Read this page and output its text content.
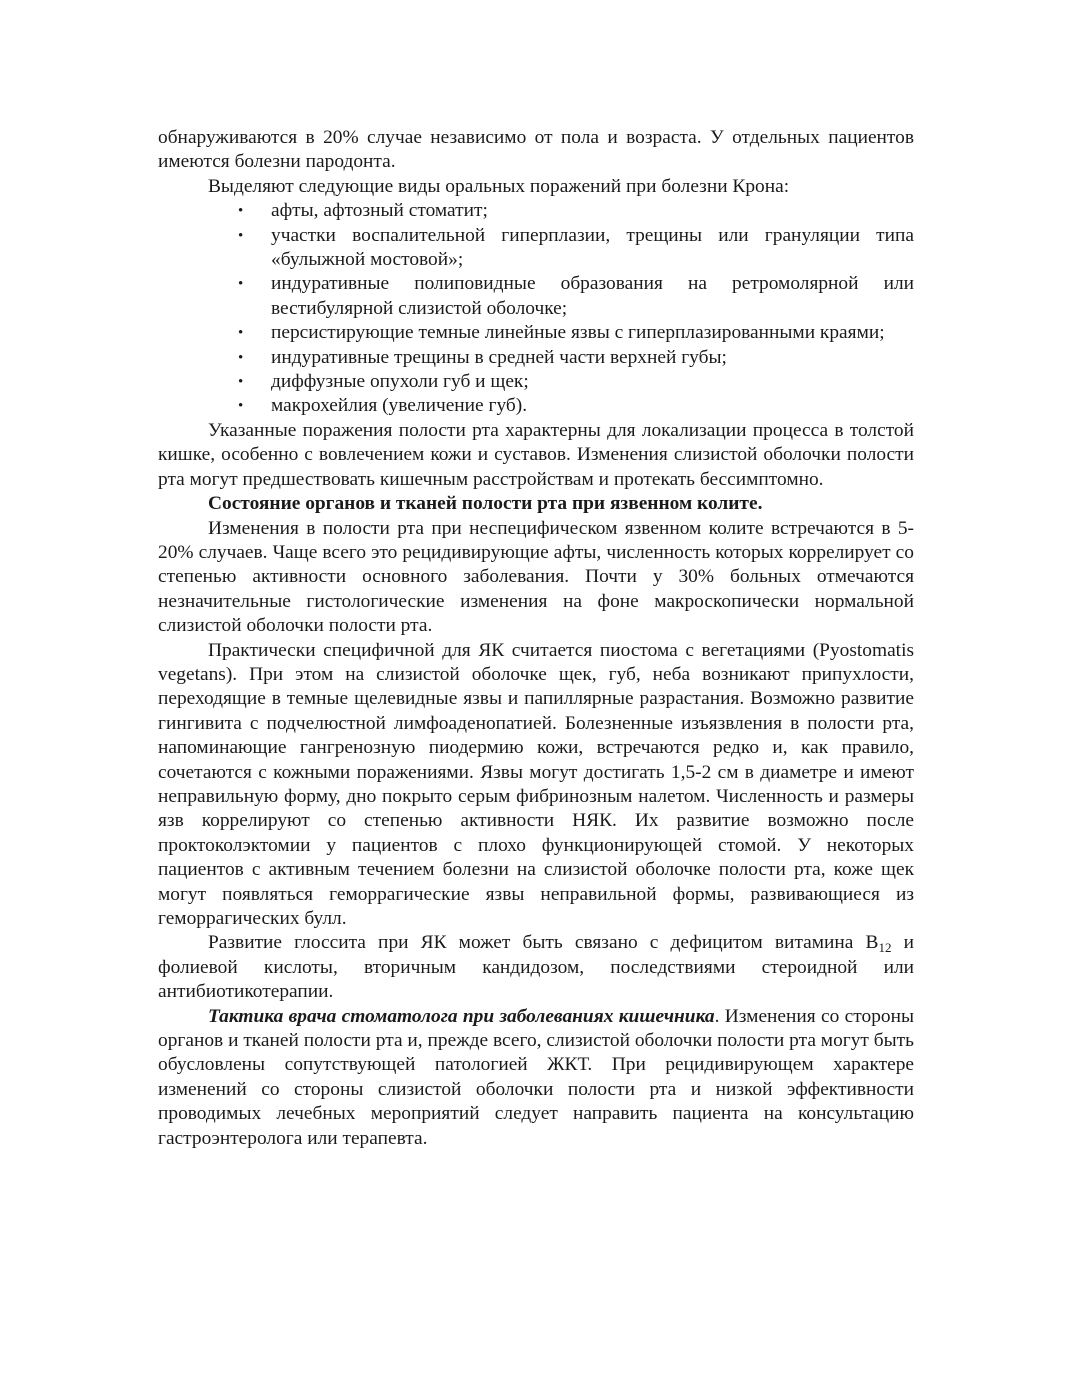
обнаруживаются в 20% случае независимо от пола и возраста. У отдельных пациентов имеются болезни пародонта.

Выделяют следующие виды оральных поражений при болезни Крона:

• афты, афтозный стоматит;
• участки воспалительной гиперплазии, трещины или грануляции типа «булыжной мостовой»;
• индуративные полиповидные образования на ретромолярной или вестибулярной слизистой оболочке;
• персистирующие темные линейные язвы с гиперплазированными краями;
• индуративные трещины в средней части верхней губы;
• диффузные опухоли губ и щек;
• макрохейлия (увеличение губ).

Указанные поражения полости рта характерны для локализации процесса в толстой кишке, особенно с вовлечением кожи и суставов. Изменения слизистой оболочки полости рта могут предшествовать кишечным расстройствам и протекать бессимптомно.

Состояние органов и тканей полости рта при язвенном колите.

Изменения в полости рта при неспецифическом язвенном колите встречаются в 5-20% случаев. Чаще всего это рецидивирующие афты, численность которых коррелирует со степенью активности основного заболевания. Почти у 30% больных отмечаются незначительные гистологические изменения на фоне макроскопически нормальной слизистой оболочки полости рта.

Практически специфичной для ЯК считается пиостома с вегетациями (Pyostomatis vegetans). При этом на слизистой оболочке щек, губ, неба возникают припухлости, переходящие в темные щелевидные язвы и папиллярные разрастания. Возможно развитие гингивита с подчелюстной лимфоаденопатией. Болезненные изъязвления в полости рта, напоминающие гангренозную пиодермию кожи, встречаются редко и, как правило, сочетаются с кожными поражениями. Язвы могут достигать 1,5-2 см в диаметре и имеют неправильную форму, дно покрыто серым фибринозным налетом. Численность и размеры язв коррелируют со степенью активности НЯК. Их развитие возможно после проктоколэктомии у пациентов с плохо функционирующей стомой. У некоторых пациентов с активным течением болезни на слизистой оболочке полости рта, коже щек могут появляться геморрагические язвы неправильной формы, развивающиеся из геморрагических булл.

Развитие глоссита при ЯК может быть связано с дефицитом витамина $B_{12}$ и фолиевой кислоты, вторичным кандидозом, последствиями стероидной или антибиотикотерапии.

Тактика врача стоматолога при заболеваниях кишечника. Изменения со стороны органов и тканей полости рта и, прежде всего, слизистой оболочки полости рта могут быть обусловлены сопутствующей патологией ЖКТ. При рецидивирующем характере изменений со стороны слизистой оболочки полости рта и низкой эффективности проводимых лечебных мероприятий следует направить пациента на консультацию гастроэнтеролога или терапевта.
